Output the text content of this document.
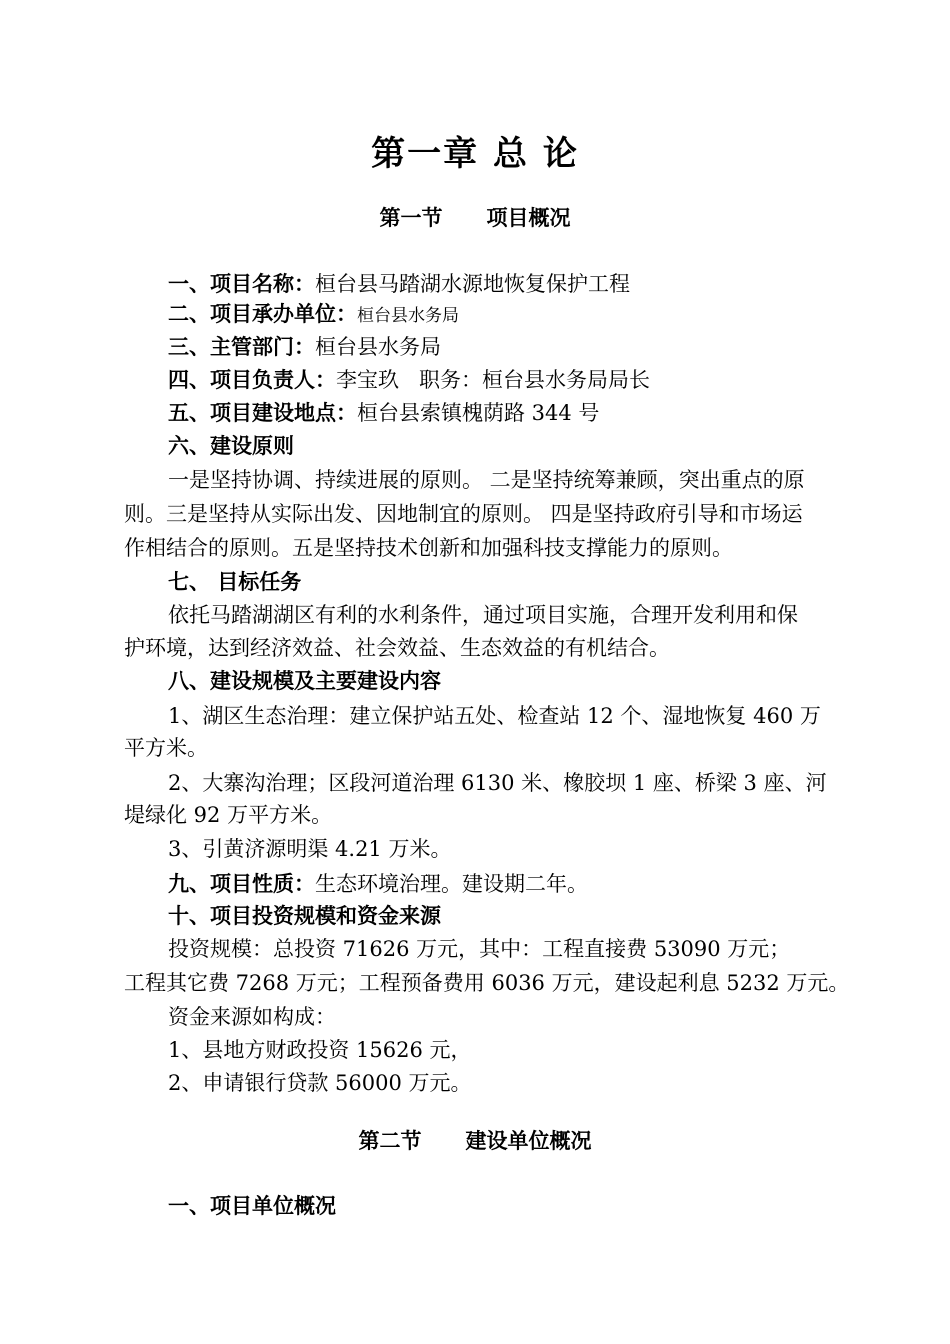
第一章 总 论
第一节 项目概况
一、项目名称：桓台县马踏湖水源地恢复保护工程
二、项目承办单位：桓台县水务局
三、主管部门：桓台县水务局
四、项目负责人：李宝玖 职务：桓台县水务局局长
五、项目建设地点：桓台县索镇槐荫路 344 号
六、建设原则
一是坚持协调、持续进展的原则。 二是坚持统筹兼顾，突出重点的原
则。三是坚持从实际出发、因地制宜的原则。 四是坚持政府引导和市场运
作相结合的原则。五是坚持技术创新和加强科技支撑能力的原则。
七、 目标任务
依托马踏湖湖区有利的水利条件，通过项目实施，合理开发利用和保
护环境，达到经济效益、社会效益、生态效益的有机结合。
八、建设规模及主要建设内容
1、湖区生态治理：建立保护站五处、检查站 12 个、湿地恢复 460 万
平方米。
2、大寨沟治理；区段河道治理 6130 米、橡胶坝 1 座、桥梁 3 座、河
堤绿化 92 万平方米。
3、引黄济源明渠 4.21 万米。
九、项目性质：生态环境治理。建设期二年。
十、项目投资规模和资金来源
投资规模：总投资 71626 万元，其中：工程直接费 53090 万元；
工程其它费 7268 万元；工程预备费用 6036 万元，建设起利息 5232 万元。
资金来源如构成：
1、县地方财政投资 15626 元，
2、申请银行贷款 56000 万元。
第二节 建设单位概况
一、项目单位概况
